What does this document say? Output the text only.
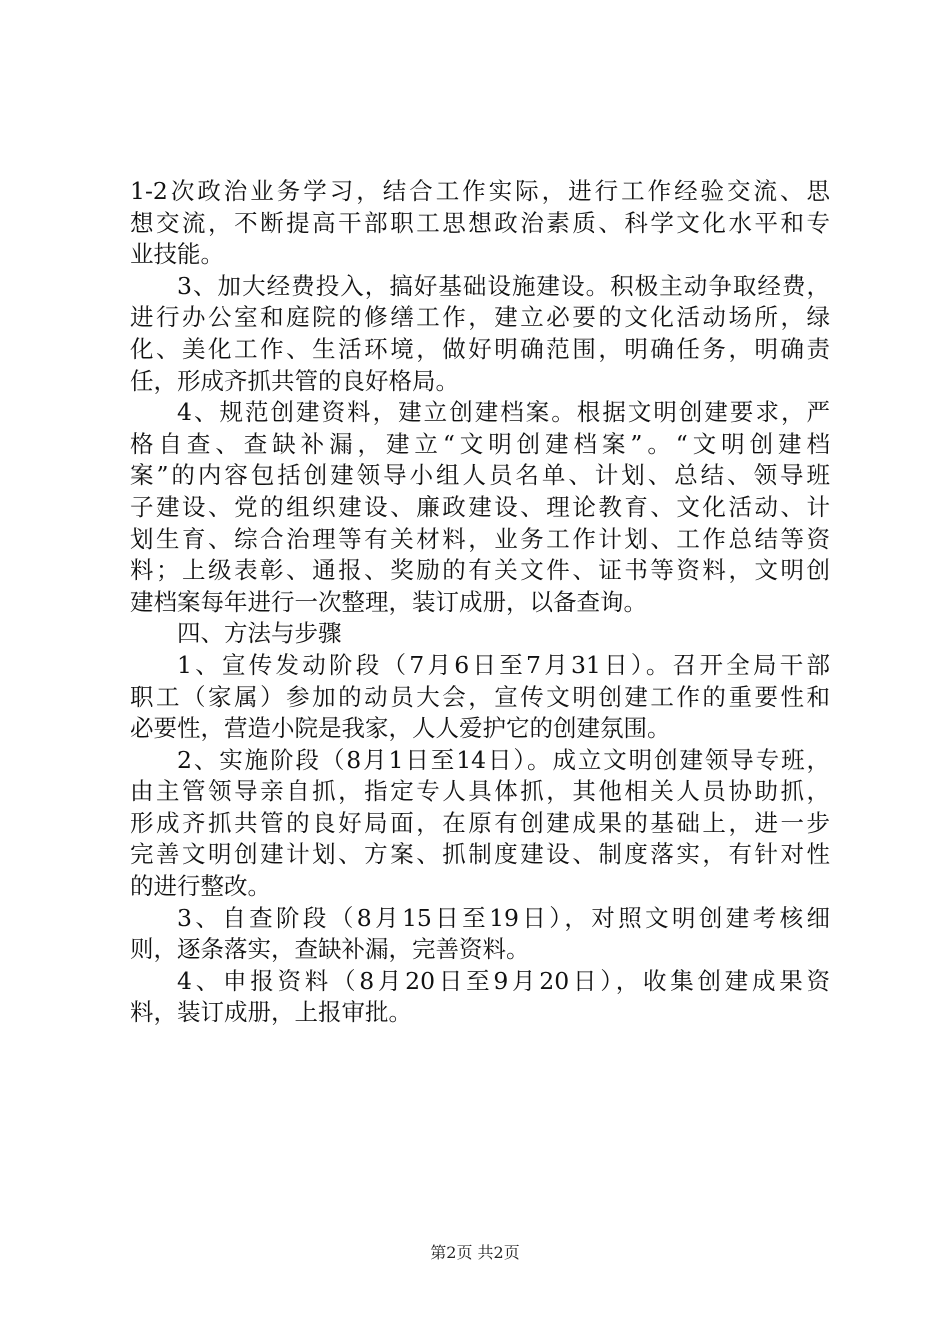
1-2次政治业务学习，结合工作实际，进行工作经验交流、思
想交流，不断提高干部职工思想政治素质、科学文化水平和专
业技能。
3、加大经费投入，搞好基础设施建设。积极主动争取经费，
进行办公室和庭院的修缮工作，建立必要的文化活动场所，绿
化、美化工作、生活环境，做好明确范围，明确任务，明确责
任，形成齐抓共管的良好格局。
4、规范创建资料，建立创建档案。根据文明创建要求，严
格自查、查缺补漏，建立“文明创建档案”。“文明创建档
案”的内容包括创建领导小组人员名单、计划、总结、领导班
子建设、党的组织建设、廉政建设、理论教育、文化活动、计
划生育、综合治理等有关材料，业务工作计划、工作总结等资
料；上级表彰、通报、奖励的有关文件、证书等资料，文明创
建档案每年进行一次整理，装订成册，以备查询。
四、方法与步骤
1、宣传发动阶段（7月6日至7月31日）。召开全局干部
职工（家属）参加的动员大会，宣传文明创建工作的重要性和
必要性，营造小院是我家，人人爱护它的创建氛围。
2、实施阶段（8月1日至14日）。成立文明创建领导专班，
由主管领导亲自抓，指定专人具体抓，其他相关人员协助抓，
形成齐抓共管的良好局面，在原有创建成果的基础上，进一步
完善文明创建计划、方案、抓制度建设、制度落实，有针对性
的进行整改。
3、自查阶段（8月15日至19日），对照文明创建考核细
则，逐条落实，查缺补漏，完善资料。
4、申报资料（8月20日至9月20日），收集创建成果资
料，装订成册，上报审批。
第2页 共2页
